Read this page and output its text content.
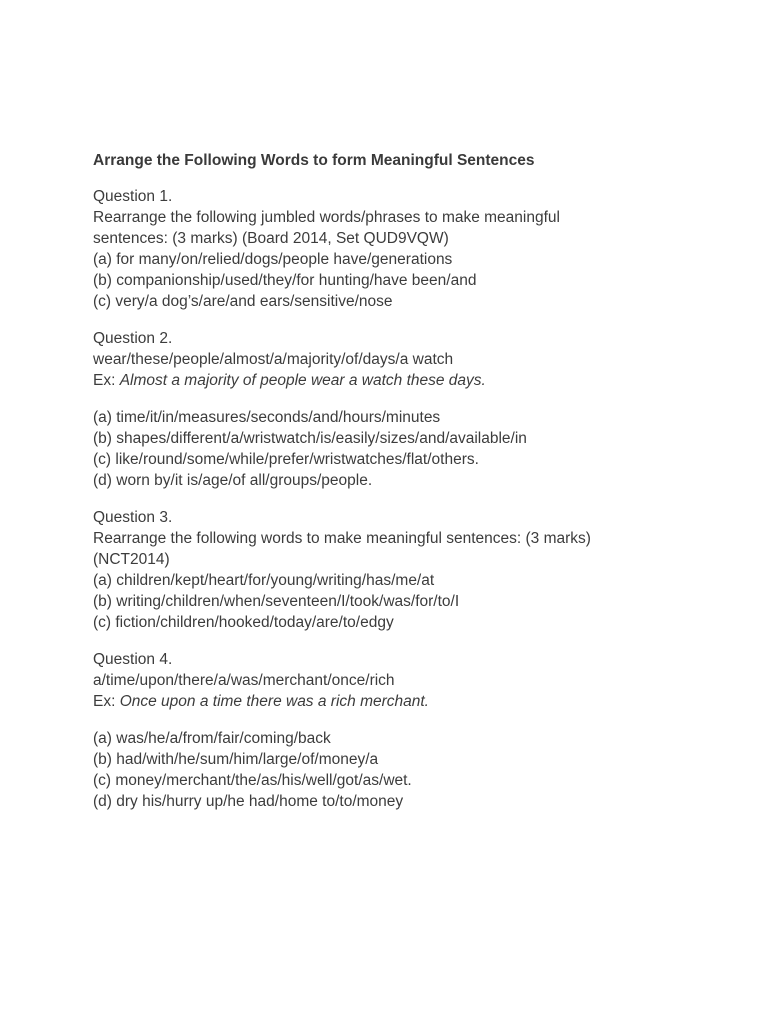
Arrange the Following Words to form Meaningful Sentences
Question 1.
Rearrange the following jumbled words/phrases to make meaningful
sentences: (3 marks) (Board 2014, Set QUD9VQW)
(a) for many/on/relied/dogs/people have/generations
(b) companionship/used/they/for hunting/have been/and
(c) very/a dog’s/are/and ears/sensitive/nose
Question 2.
wear/these/people/almost/a/majority/of/days/a watch
Ex: Almost a majority of people wear a watch these days.
(a) time/it/in/measures/seconds/and/hours/minutes
(b) shapes/different/a/wristwatch/is/easily/sizes/and/available/in
(c) like/round/some/while/prefer/wristwatches/flat/others.
(d) worn by/it is/age/of all/groups/people.
Question 3.
Rearrange the following words to make meaningful sentences: (3 marks)
(NCT2014)
(a) children/kept/heart/for/young/writing/has/me/at
(b) writing/children/when/seventeen/I/took/was/for/to/I
(c) fiction/children/hooked/today/are/to/edgy
Question 4.
a/time/upon/there/a/was/merchant/once/rich
Ex: Once upon a time there was a rich merchant.
(a) was/he/a/from/fair/coming/back
(b) had/with/he/sum/him/large/of/money/a
(c) money/merchant/the/as/his/well/got/as/wet.
(d) dry his/hurry up/he had/home to/to/money
